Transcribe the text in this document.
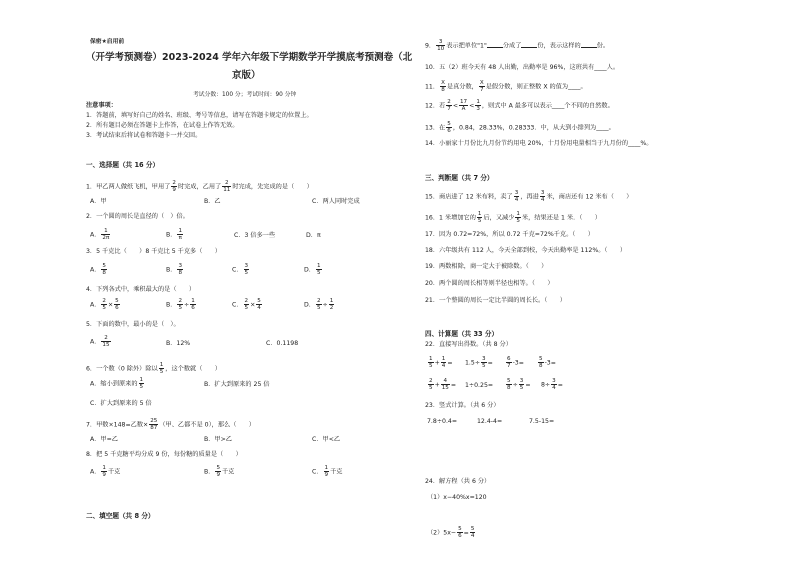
保密★启用前
（开学考预测卷）2023-2024 学年六年级下学期数学开学摸底考预测卷（北
京版）
考试分数：100 分；考试时间：90 分钟
注意事项：
1．答题前，填写好自己的姓名、班级、考号等信息，请写在答题卡规定的位置上。
2．所有题目必须在答题卡上作答，在试卷上作答无效。
3．考试结束后将试卷和答题卡一并交回。
一、选择题（共 16 分）
1．甲乙两人做纸飞机，甲用了 $\frac{2}{9}$ 时完成，乙用了 $\frac{2}{11}$ 时完成，先完成的是（　　）
A．甲	B．乙	C．两人同时完成
2．一个圆的周长是直径的（　）倍。
A． $\frac{1}{2\pi}$	B． $\frac{1}{\pi}$	C．3 倍多一些	D．π
3．5 千克比（　　）8 千克比 5 千克多（　　）
A． $\frac{5}{8}$	B． $\frac{3}{8}$	C． $\frac{3}{5}$	D． $\frac{1}{5}$
4．下列各式中，乘积最大的是（　　）
A． $\frac{2}{5} \times \frac{5}{6}$	B． $\frac{2}{5} \div \frac{1}{6}$	C． $\frac{2}{5} \times \frac{5}{4}$	D． $\frac{2}{5} \div \frac{1}{2}$
5．下面的数中，最小的是（　）。
A． $\frac{2}{15}$	B．12%	C．0.1198
6．一个数（0 除外）除以 $\frac{1}{5}$ ，这个数就（　　）
A．缩小到原来的 $\frac{1}{5}$	B．扩大到原来的 25 倍
C．扩大到原来的 5 倍
7．甲数×148=乙数× $\frac{25}{87}$ （甲、乙都不是 0），那么（　　）
A．甲=乙	B．甲>乙	C．甲<乙
8．把 5 千克糖平均分成 9 份，每份糖的质量是（　　）
A． $\frac{1}{9}$ 千克	B． $\frac{5}{9}$ 千克	C． $\frac{1}{9}$ 千克
二、填空题（共 8 分）
9． $\frac{3}{10}$ 表示把单位"1"	分成了	份，表示这样的	份。
10．五（2）班今天有 48 人出勤，出勤率是 96%，这班共有____人。
11． $\frac{X}{8}$ 是真分数， $\frac{X}{7}$ 是假分数，则正整数 X 的值为____。
12．若 $\frac{2}{7} < \frac{17}{A} < \frac{1}{3}$ ，则式中 A 最多可以表示____个不同的自然数。
13．在 $\frac{5}{6}$ ，0.84，28.33%，0.28333．中，从大到小排列为____。
14．小丽家十月份比九月份节约用电 20%，十月份用电量相当于九月份的____%。
三、判断题（共 7 分）
15．商店进了 12 米布料，卖了 $\frac{3}{4}$ ，再进 $\frac{3}{4}$ 米，商店还有 12 米布（　　）
16．1 米增加它的 $\frac{1}{5}$ 后，又减少 $\frac{1}{5}$ 米，结果还是 1 米．（　　）
17．因为 0.72=72%，所以 0.72 千克=72%千克。（　　）
18．六年级共有 112 人，今天全部到校，今天出勤率是 112%。（　　）
19．两数相除，商一定大于被除数。（　　）
20．两个圆的周长相等则半径也相等。（　　）
21．一个整圆的周长一定比半圆的周长长。（　　）
四、计算题（共 33 分）
22．直接写出得数。（共 8 分）
$\frac{1}{5} + \frac{1}{4} = 1.5\div \frac{3}{5} = \frac{6}{7} -3=$	$\frac{5}{8} -3=$
$\frac{2}{5} + \frac{4}{15} = 1\div 0.25= \frac{5}{8} \div \frac{3}{5} = 8\div \frac{3}{4}$ =
23．竖式计算。（共 6 分）
7.8÷0.4=	12.4-4=	7.5-15=
24．解方程（共 6 分）
（1）x−40%x=120
$(2)5x- \frac{5}{6} = \frac{5}{4}$
